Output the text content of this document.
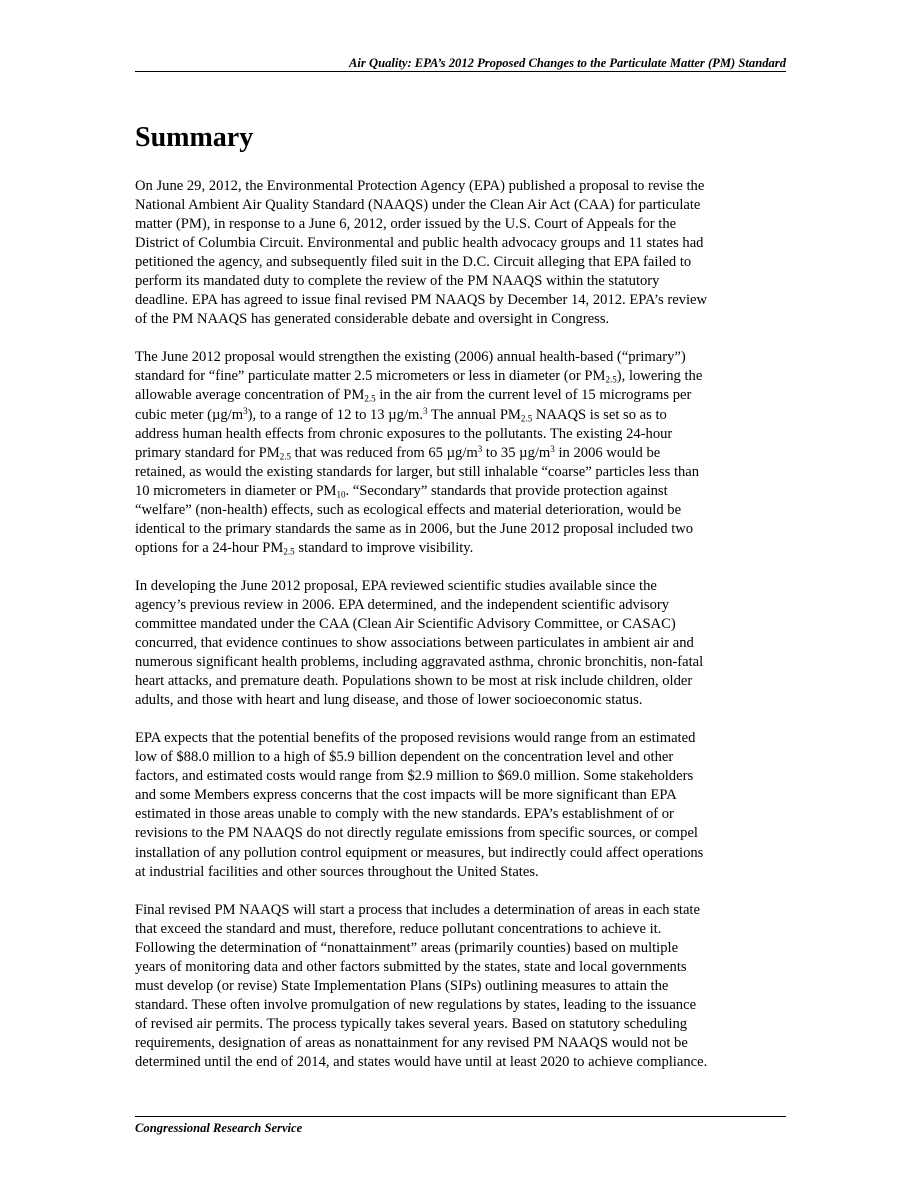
Air Quality: EPA’s 2012 Proposed Changes to the Particulate Matter (PM) Standard
Summary
On June 29, 2012, the Environmental Protection Agency (EPA) published a proposal to revise the
National Ambient Air Quality Standard (NAAQS) under the Clean Air Act (CAA) for particulate
matter (PM), in response to a June 6, 2012, order issued by the U.S. Court of Appeals for the
District of Columbia Circuit. Environmental and public health advocacy groups and 11 states had
petitioned the agency, and subsequently filed suit in the D.C. Circuit alleging that EPA failed to
perform its mandated duty to complete the review of the PM NAAQS within the statutory
deadline. EPA has agreed to issue final revised PM NAAQS by December 14, 2012. EPA’s review
of the PM NAAQS has generated considerable debate and oversight in Congress.
The June 2012 proposal would strengthen the existing (2006) annual health-based (“primary”)
standard for “fine” particulate matter 2.5 micrometers or less in diameter (or $PM_{2.5}$), lowering the
allowable average concentration of $PM_{2.5}$ in the air from the current level of 15 micrograms per
cubic meter $(\mu g/m^3)$, to a range of 12 to 13 µg/m.$^3$ The annual $PM_{2.5}$ NAAQS is set so as to
address human health effects from chronic exposures to the pollutants. The existing 24-hour
primary standard for $PM_{2.5}$ that was reduced from 65 $\mu g/m^3$ to 35 $\mu g/m^3$ in 2006 would be
retained, as would the existing standards for larger, but still inhalable “coarse” particles less than
10 micrometers in diameter or $PM_{10}$. “Secondary” standards that provide protection against
“welfare” (non-health) effects, such as ecological effects and material deterioration, would be
identical to the primary standards the same as in 2006, but the June 2012 proposal included two
options for a 24-hour $PM_{2.5}$ standard to improve visibility.
In developing the June 2012 proposal, EPA reviewed scientific studies available since the
agency’s previous review in 2006. EPA determined, and the independent scientific advisory
committee mandated under the CAA (Clean Air Scientific Advisory Committee, or CASAC)
concurred, that evidence continues to show associations between particulates in ambient air and
numerous significant health problems, including aggravated asthma, chronic bronchitis, non-fatal
heart attacks, and premature death. Populations shown to be most at risk include children, older
adults, and those with heart and lung disease, and those of lower socioeconomic status.
EPA expects that the potential benefits of the proposed revisions would range from an estimated
low of $88.0 million to a high of $5.9 billion dependent on the concentration level and other
factors, and estimated costs would range from $2.9 million to $69.0 million. Some stakeholders
and some Members express concerns that the cost impacts will be more significant than EPA
estimated in those areas unable to comply with the new standards. EPA’s establishment of or
revisions to the PM NAAQS do not directly regulate emissions from specific sources, or compel
installation of any pollution control equipment or measures, but indirectly could affect operations
at industrial facilities and other sources throughout the United States.
Final revised PM NAAQS will start a process that includes a determination of areas in each state
that exceed the standard and must, therefore, reduce pollutant concentrations to achieve it.
Following the determination of “nonattainment” areas (primarily counties) based on multiple
years of monitoring data and other factors submitted by the states, state and local governments
must develop (or revise) State Implementation Plans (SIPs) outlining measures to attain the
standard. These often involve promulgation of new regulations by states, leading to the issuance
of revised air permits. The process typically takes several years. Based on statutory scheduling
requirements, designation of areas as nonattainment for any revised PM NAAQS would not be
determined until the end of 2014, and states would have until at least 2020 to achieve compliance.
Congressional Research Service
